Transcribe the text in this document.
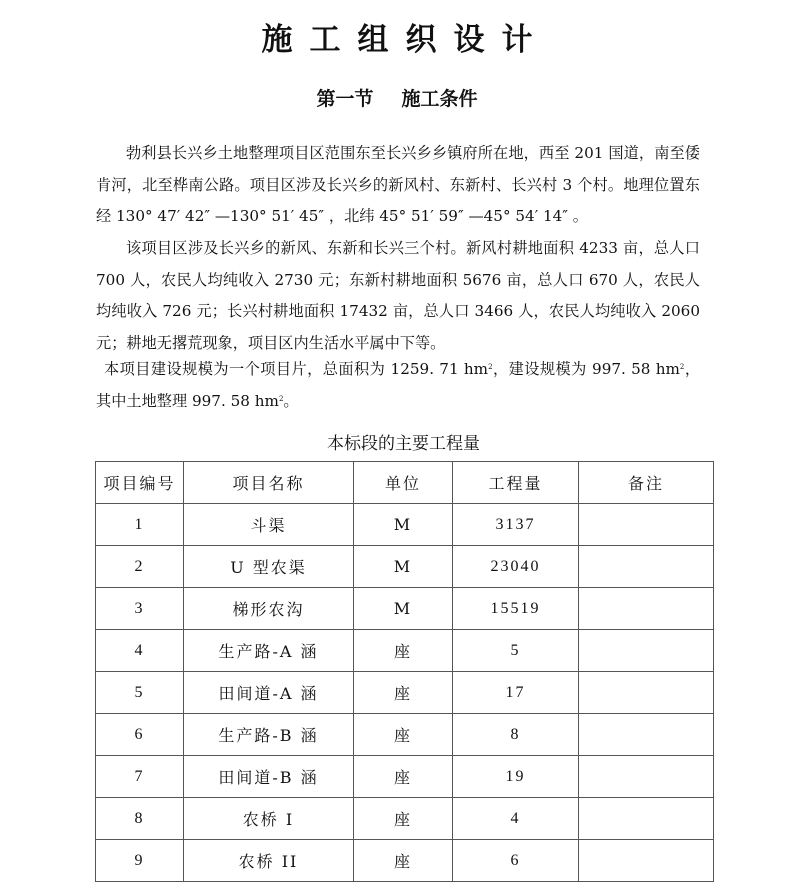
施工组织设计
第一节 施工条件

勃利县长兴乡土地整理项目区范围东至长兴乡乡镇府所在地，西至 201 国道，南至倭肯河，北至桦南公路。项目区涉及长兴乡的新风村、东新村、长兴村 3 个村。地理位置东经 130° 47′ 42″ —130° 51′ 45″ ，北纬 45° 51′ 59″ —45° 54′ 14″ 。

该项目区涉及长兴乡的新风、东新和长兴三个村。新风村耕地面积 4233 亩，总人口 700 人，农民人均纯收入 2730 元；东新村耕地面积 5676 亩，总人口 670 人，农民人均纯收入 726 元；长兴村耕地面积 17432 亩，总人口 3466 人，农民人均纯收入 2060 元；耕地无撂荒现象，项目区内生活水平属中下等。

本项目建设规模为一个项目片，总面积为 1259. 71 $hm^2$，建设规模为 997. 58 $hm^2$，其中土地整理 997. 58 $hm^2$。

本标段的主要工程量
项目编号	项目名称	单位	工程量	备注
1	斗渠	M	3137	
2	U 型农渠	M	23040	
3	梯形农沟	M	15519	
4	生产路-A 涵	座	5	
5	田间道-A 涵	座	17	
6	生产路-B 涵	座	8	
7	田间道-B 涵	座	19	
8	农桥 I	座	4	
9	农桥 II	座	6	
